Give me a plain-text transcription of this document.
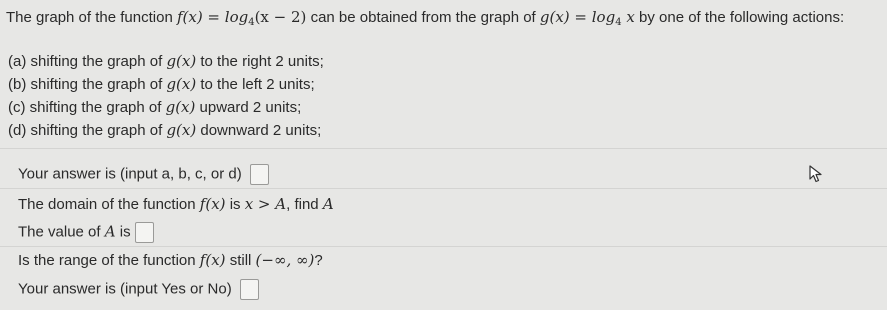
The graph of the function $f(x) = \log_4(x - 2)$ can be obtained from the graph of $g(x) = \log_4 x$ by one of the following actions:
(a) shifting the graph of g(x) to the right 2 units;
(b) shifting the graph of g(x) to the left 2 units;
(c) shifting the graph of g(x) upward 2 units;
(d) shifting the graph of g(x) downward 2 units;
Your answer is (input a, b, c, or d)
The domain of the function f(x) is x > A, find A
The value of A is
Is the range of the function f(x) still (−∞, ∞)?
Your answer is (input Yes or No)
